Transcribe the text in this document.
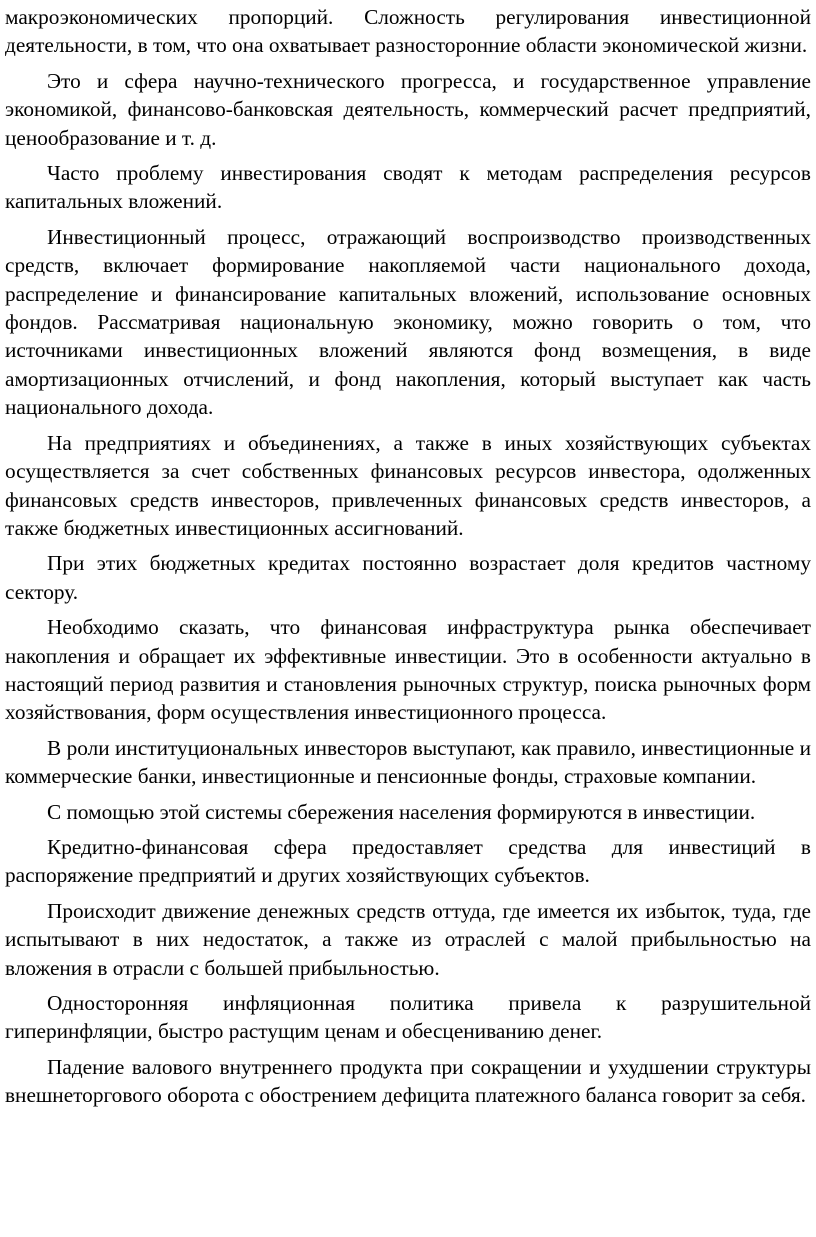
макроэкономических пропорций. Сложность регулирования инвестиционной деятельности, в том, что она охватывает разносторонние области экономической жизни.

Это и сфера научно-технического прогресса, и государственное управление экономикой, финансово-банковская деятельность, коммерческий расчет предприятий, ценообразование и т. д.

Часто проблему инвестирования сводят к методам распределения ресурсов капитальных вложений.

Инвестиционный процесс, отражающий воспроизводство производственных средств, включает формирование накопляемой части национального дохода, распределение и финансирование капитальных вложений, использование основных фондов. Рассматривая национальную экономику, можно говорить о том, что источниками инвестиционных вложений являются фонд возмещения, в виде амортизационных отчислений, и фонд накопления, который выступает как часть национального дохода.

На предприятиях и объединениях, а также в иных хозяйствующих субъектах осуществляется за счет собственных финансовых ресурсов инвестора, одолженных финансовых средств инвесторов, привлеченных финансовых средств инвесторов, а также бюджетных инвестиционных ассигнований.

При этих бюджетных кредитах постоянно возрастает доля кредитов частному сектору.

Необходимо сказать, что финансовая инфраструктура рынка обеспечивает накопления и обращает их эффективные инвестиции. Это в особенности актуально в настоящий период развития и становления рыночных структур, поиска рыночных форм хозяйствования, форм осуществления инвестиционного процесса.

В роли институциональных инвесторов выступают, как правило, инвестиционные и коммерческие банки, инвестиционные и пенсионные фонды, страховые компании.

С помощью этой системы сбережения населения формируются в инвестиции.

Кредитно-финансовая сфера предоставляет средства для инвестиций в распоряжение предприятий и других хозяйствующих субъектов.

Происходит движение денежных средств оттуда, где имеется их избыток, туда, где испытывают в них недостаток, а также из отраслей с малой прибыльностью на вложения в отрасли с большей прибыльностью.

Односторонняя инфляционная политика привела к разрушительной гиперинфляции, быстро растущим ценам и обесцениванию денег.

Падение валового внутреннего продукта при сокращении и ухудшении структуры внешнеторгового оборота с обострением дефицита платежного баланса говорит за себя.
